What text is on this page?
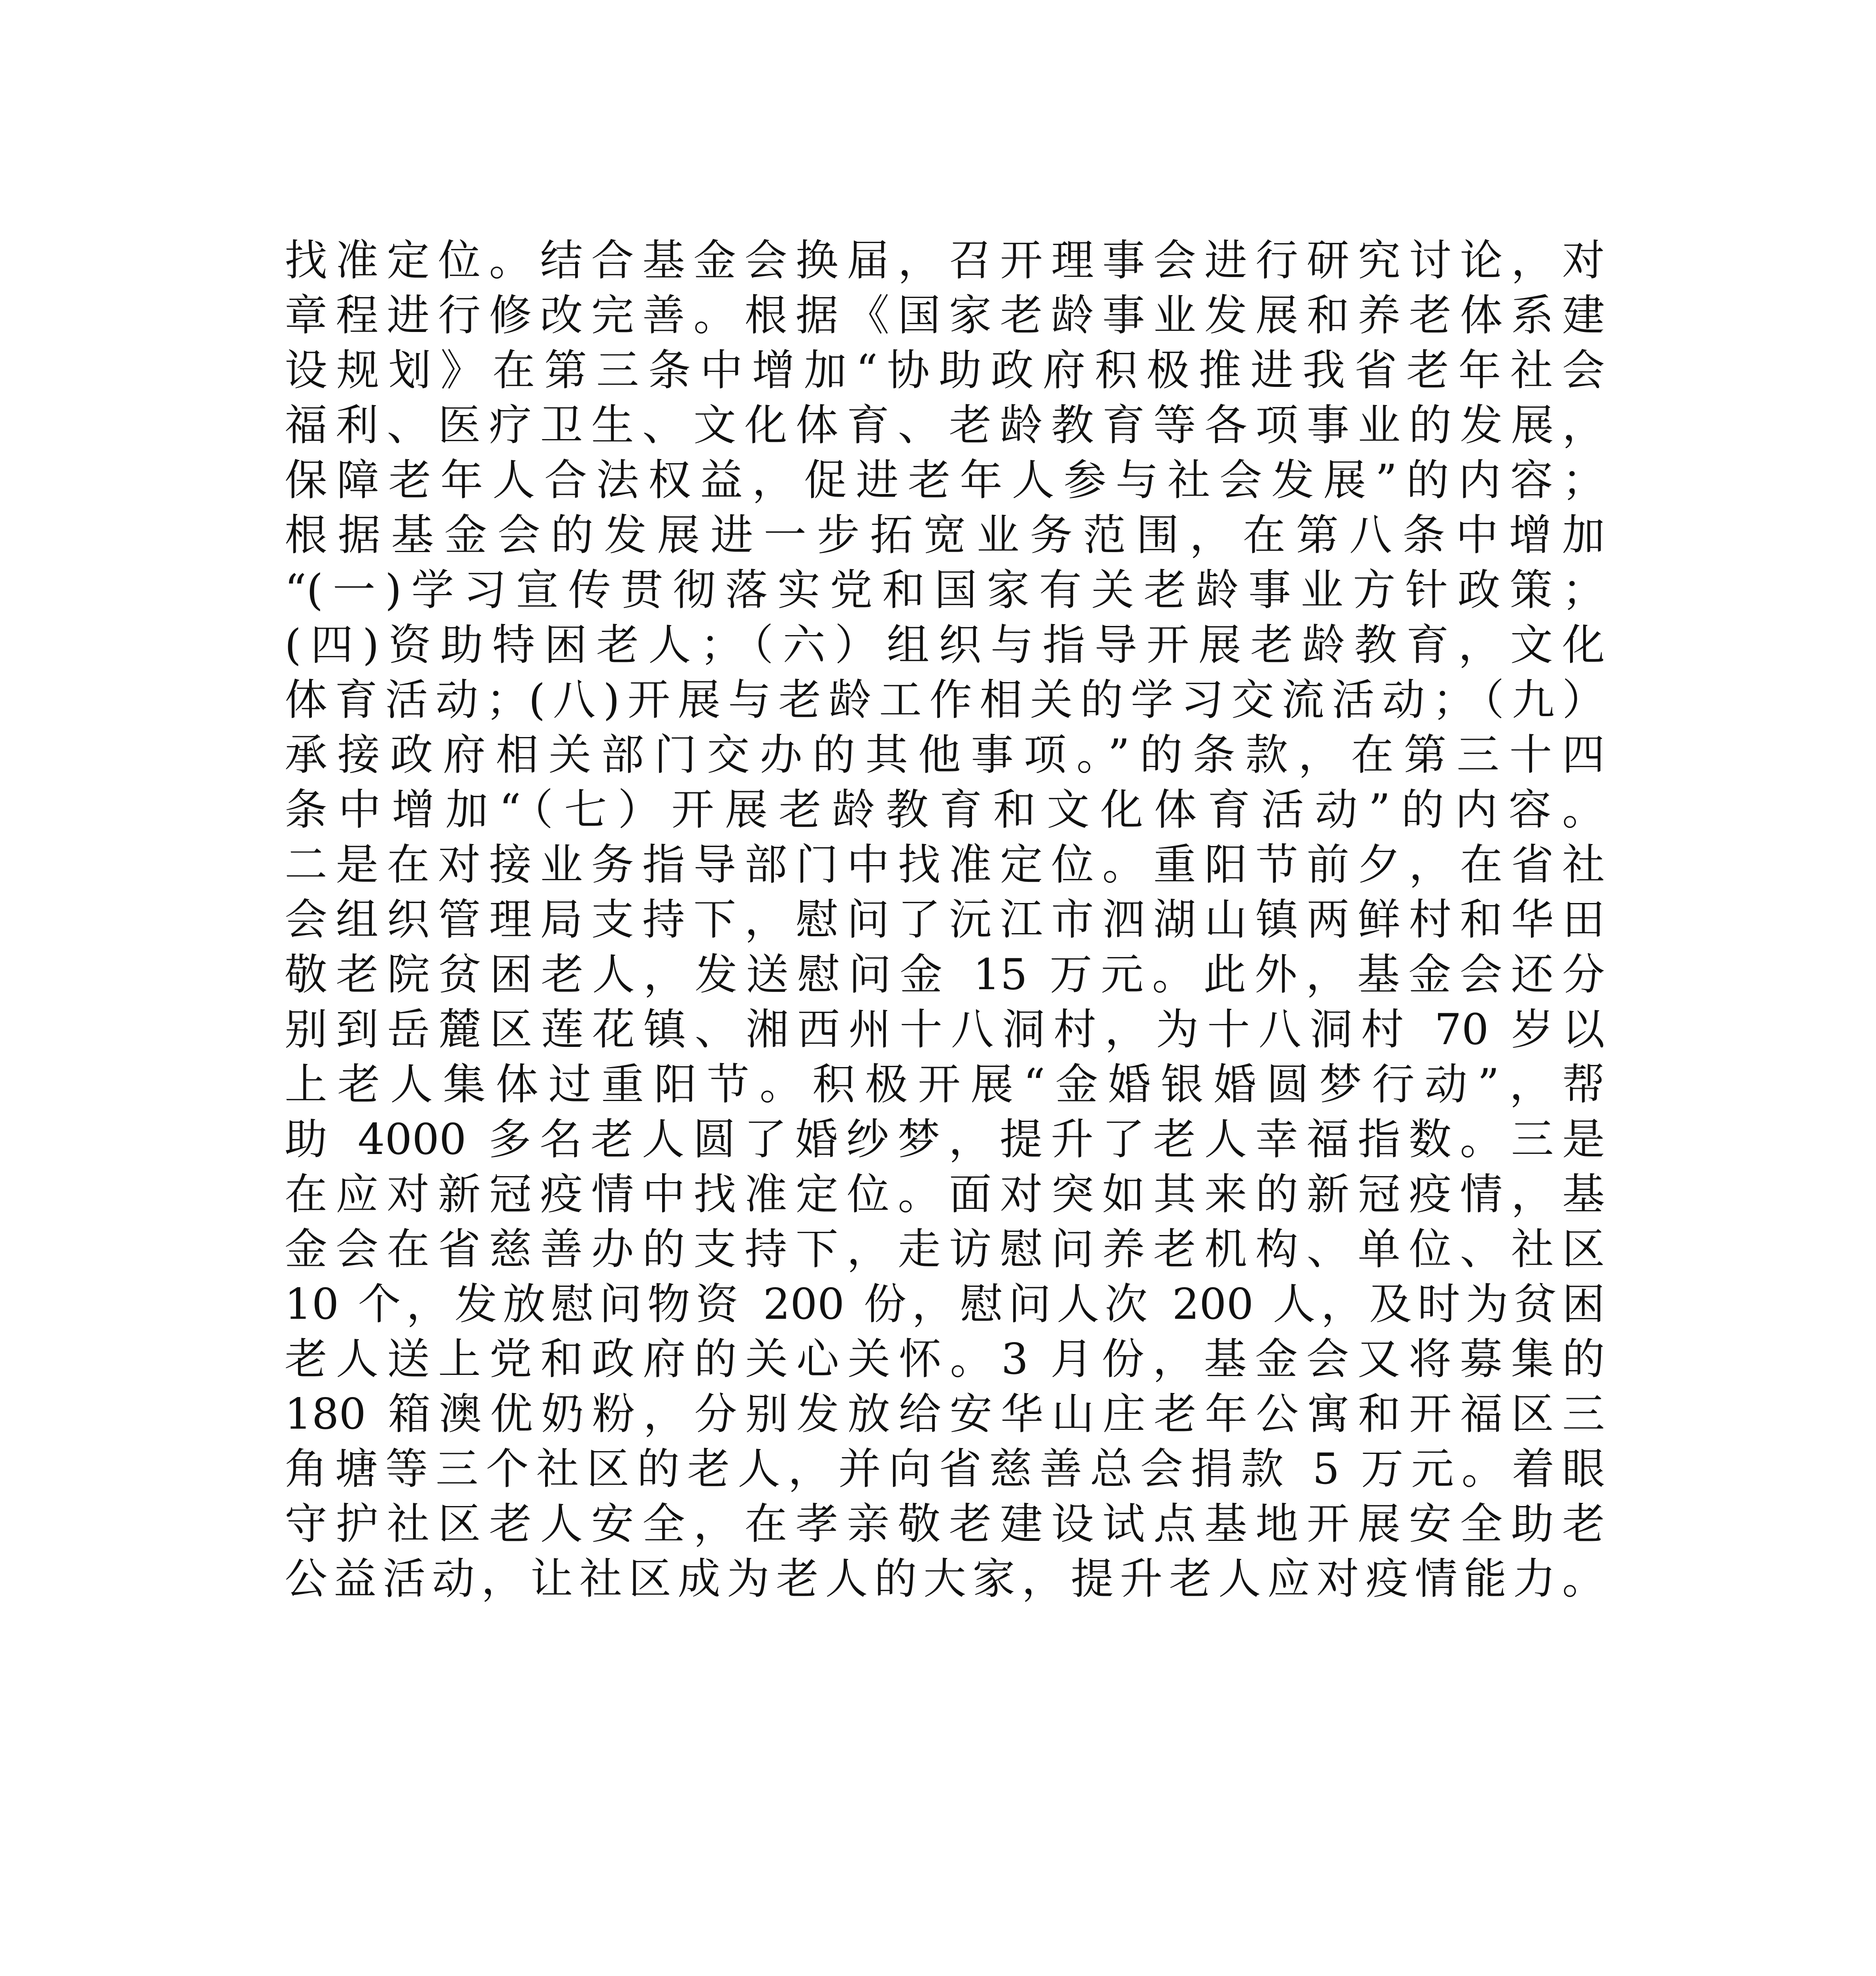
找准定位。结合基金会换届，召开理事会进行研究讨论，对
章程进行修改完善。根据《国家老龄事业发展和养老体系建
设规划》在第三条中增加“协助政府积极推进我省老年社会
福利、医疗卫生、文化体育、老龄教育等各项事业的发展，
保障老年人合法权益，促进老年人参与社会发展”的内容；
根据基金会的发展进一步拓宽业务范围，在第八条中增加
“(一)学习宣传贯彻落实党和国家有关老龄事业方针政策；
(四)资助特困老人；（六）组织与指导开展老龄教育，文化
体育活动；(八)开展与老龄工作相关的学习交流活动；（九）
承接政府相关部门交办的其他事项。”的条款，在第三十四
条中增加“（七）开展老龄教育和文化体育活动”的内容。
二是在对接业务指导部门中找准定位。重阳节前夕，在省社
会组织管理局支持下，慰问了沅江市泗湖山镇两鲜村和华田
敬老院贫困老人，发送慰问金 15 万元。此外，基金会还分
别到岳麓区莲花镇、湘西州十八洞村，为十八洞村 70 岁以
上老人集体过重阳节。积极开展“金婚银婚圆梦行动”，帮
助 4000 多名老人圆了婚纱梦，提升了老人幸福指数。三是
在应对新冠疫情中找准定位。面对突如其来的新冠疫情，基
金会在省慈善办的支持下，走访慰问养老机构、单位、社区
10 个，发放慰问物资 200 份，慰问人次 200 人，及时为贫困
老人送上党和政府的关心关怀。3 月份，基金会又将募集的
180 箱澳优奶粉，分别发放给安华山庄老年公寓和开福区三
角塘等三个社区的老人，并向省慈善总会捐款 5 万元。着眼
守护社区老人安全，在孝亲敬老建设试点基地开展安全助老
公益活动，让社区成为老人的大家，提升老人应对疫情能力。
